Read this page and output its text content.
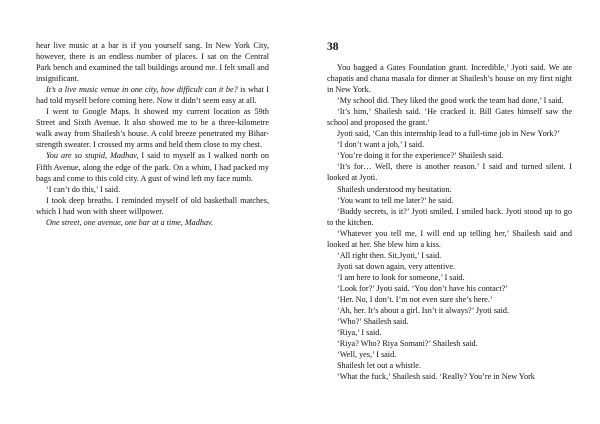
hear live music at a bar is if you yourself sang. In New York City, however, there is an endless number of places. I sat on the Central Park bench and examined the tall buildings around me. I felt small and insignificant.

It’s a live music venue in one city, how difficult can it be? is what I had told myself before coming here. Now it didn’t seem easy at all.

I went to Google Maps. It showed my current location as 59th Street and Sixth Avenue. It also showed me to be a three-kilometre walk away from Shailesh’s house. A cold breeze penetrated my Bihar-strength sweater. I crossed my arms and held them close to my chest.

You are so stupid, Madhav, I said to myself as I walked north on Fifth Avenue, along the edge of the park. On a whim, I had packed my bags and come to this cold city. A gust of wind left my face numb.

‘I can’t do this,’ I said.

I took deep breaths. I reminded myself of old basketball matches, which I had won with sheer willpower.

One street, one avenue, one bar at a time, Madhav.

38

You bagged a Gates Foundation grant. Incredible,’ Jyoti said. We ate chapatis and chana masala for dinner at Shailesh’s house on my first night in New York.

‘My school did. They liked the good work the team had done,’ I said.

‘It’s him,’ Shailesh said. ‘He cracked it. Bill Gates himself saw the school and proposed the grant.’

Jyoti said, ‘Can this internship lead to a full-time job in New York?’

‘I don’t want a job,’ I said.

‘You’re doing it for the experience?’ Shailesh said.

‘It’s for… Well, there is another reason.’ I said and turned silent. I looked at Jyoti.

Shailesh understood my hesitation.

‘You want to tell me later?’ he said.

‘Buddy secrets, is it?’ Jyoti smiled. I smiled back. Jyoti stood up to go to the kitchen.

‘Whatever you tell me, I will end up telling her,’ Shailesh said and looked at her. She blew him a kiss.

‘All right then. Sit,Jyoti,’ I said.

Jyoti sat down again, very attentive.

‘I am here to look for someone,’ I said.

‘Look for?’ Jyoti said. ‘You don’t have his contact?’

‘Her. No, I don’t. I’m not even sure she’s here.’

‘Ah, her. It’s about a girl. Isn’t it always?’ Jyoti said.

‘Who?’ Shailesh said.

‘Riya,’ I said.

‘Riya? Who? Riya Somani?’ Shailesh said.

‘Well, yes,’ I said.

Shailesh let out a whistle.

‘What the fuck,’ Shailesh said. ‘Really? You’re in New York
